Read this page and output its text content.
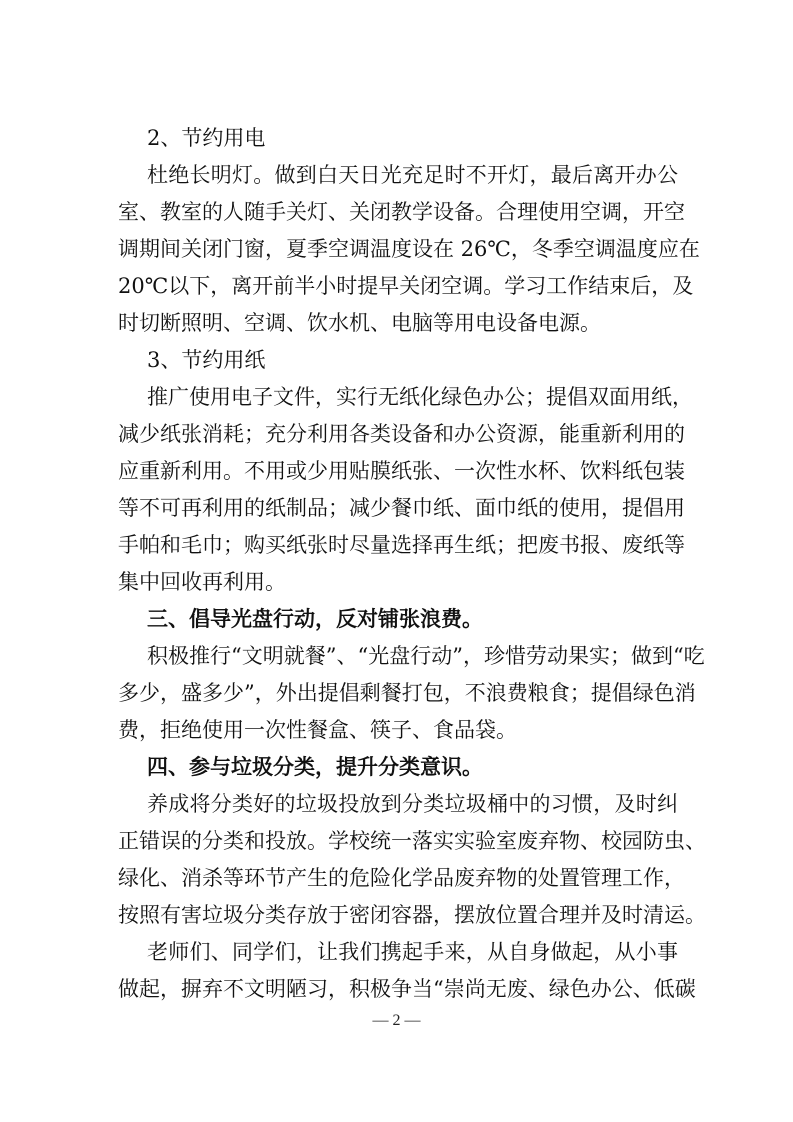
2、节约用电
杜绝长明灯。做到白天日光充足时不开灯，最后离开办公
室、教室的人随手关灯、关闭教学设备。合理使用空调，开空
调期间关闭门窗，夏季空调温度设在 26℃，冬季空调温度应在
20℃以下，离开前半小时提早关闭空调。学习工作结束后，及
时切断照明、空调、饮水机、电脑等用电设备电源。
3、节约用纸
推广使用电子文件，实行无纸化绿色办公；提倡双面用纸，
减少纸张消耗；充分利用各类设备和办公资源，能重新利用的
应重新利用。不用或少用贴膜纸张、一次性水杯、饮料纸包装
等不可再利用的纸制品；减少餐巾纸、面巾纸的使用，提倡用
手帕和毛巾；购买纸张时尽量选择再生纸；把废书报、废纸等
集中回收再利用。
三、倡导光盘行动，反对铺张浪费。
积极推行“文明就餐”、“光盘行动”，珍惜劳动果实；做到“吃
多少，盛多少”，外出提倡剩餐打包，不浪费粮食；提倡绿色消
费，拒绝使用一次性餐盒、筷子、食品袋。
四、参与垃圾分类，提升分类意识。
养成将分类好的垃圾投放到分类垃圾桶中的习惯，及时纠
正错误的分类和投放。学校统一落实实验室废弃物、校园防虫、
绿化、消杀等环节产生的危险化学品废弃物的处置管理工作，
按照有害垃圾分类存放于密闭容器，摆放位置合理并及时清运。
老师们、同学们，让我们携起手来，从自身做起，从小事
做起，摒弃不文明陋习，积极争当“崇尚无废、绿色办公、低碳
— 2 —
